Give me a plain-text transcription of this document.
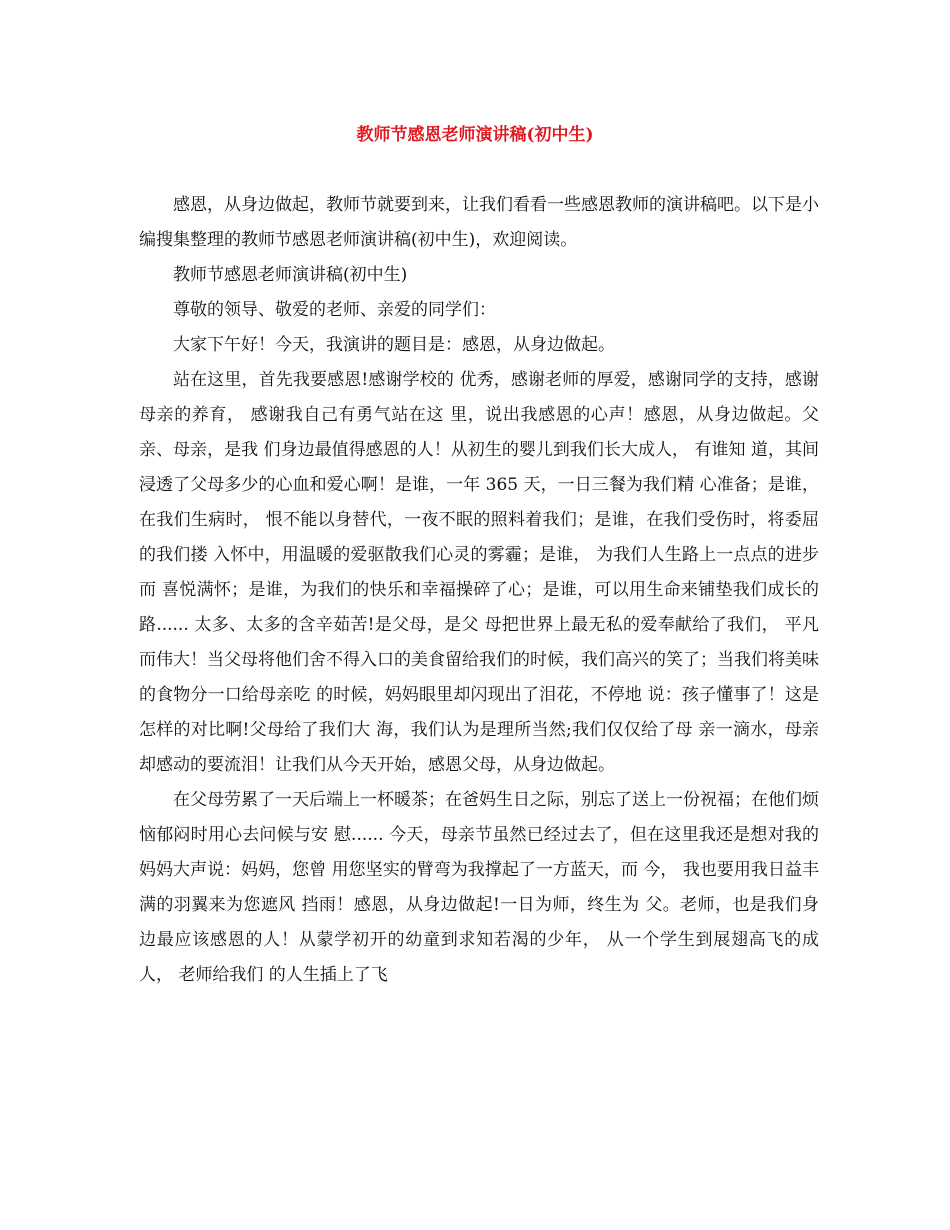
教师节感恩老师演讲稿(初中生)

感恩，从身边做起，教师节就要到来，让我们看看一些感恩教师的演讲稿吧。以下是小编搜集整理的教师节感恩老师演讲稿(初中生)，欢迎阅读。

教师节感恩老师演讲稿(初中生)

尊敬的领导、敬爱的老师、亲爱的同学们：

大家下午好！今天，我演讲的题目是：感恩，从身边做起。

站在这里，首先我要感恩!感谢学校的 优秀，感谢老师的厚爱，感谢同学的支持，感谢母亲的养育， 感谢我自己有勇气站在这 里，说出我感恩的心声！感恩，从身边做起。父亲、母亲，是我 们身边最值得感恩的人！从初生的婴儿到我们长大成人， 有谁知 道，其间浸透了父母多少的心血和爱心啊！是谁，一年 365 天，一日三餐为我们精 心准备；是谁， 在我们生病时， 恨不能以身替代，一夜不眠的照料着我们；是谁，在我们受伤时，将委屈的我们搂 入怀中，用温暖的爱驱散我们心灵的雾霾；是谁， 为我们人生路上一点点的进步而 喜悦满怀；是谁，为我们的快乐和幸福操碎了心；是谁，可以用生命来铺垫我们成长的 路...... 太多、太多的含辛茹苦!是父母，是父 母把世界上最无私的爱奉献给了我们， 平凡 而伟大！当父母将他们舍不得入口的美食留给我们的时候，我们高兴的笑了；当我们将美味的食物分一口给母亲吃 的时候，妈妈眼里却闪现出了泪花，不停地 说：孩子懂事了！这是怎样的对比啊!父母给了我们大 海，我们认为是理所当然;我们仅仅给了母 亲一滴水，母亲却感动的要流泪！让我们从今天开始，感恩父母，从身边做起。

在父母劳累了一天后端上一杯暖茶；在爸妈生日之际，别忘了送上一份祝福；在他们烦恼郁闷时用心去问候与安 慰...... 今天，母亲节虽然已经过去了，但在这里我还是想对我的妈妈大声说：妈妈，您曾 用您坚实的臂弯为我撑起了一方蓝天，而 今， 我也要用我日益丰满的羽翼来为您遮风 挡雨！感恩，从身边做起!一日为师，终生为 父。老师，也是我们身边最应该感恩的人！从蒙学初开的幼童到求知若渴的少年， 从一个学生到展翅高飞的成人， 老师给我们 的人生插上了飞
